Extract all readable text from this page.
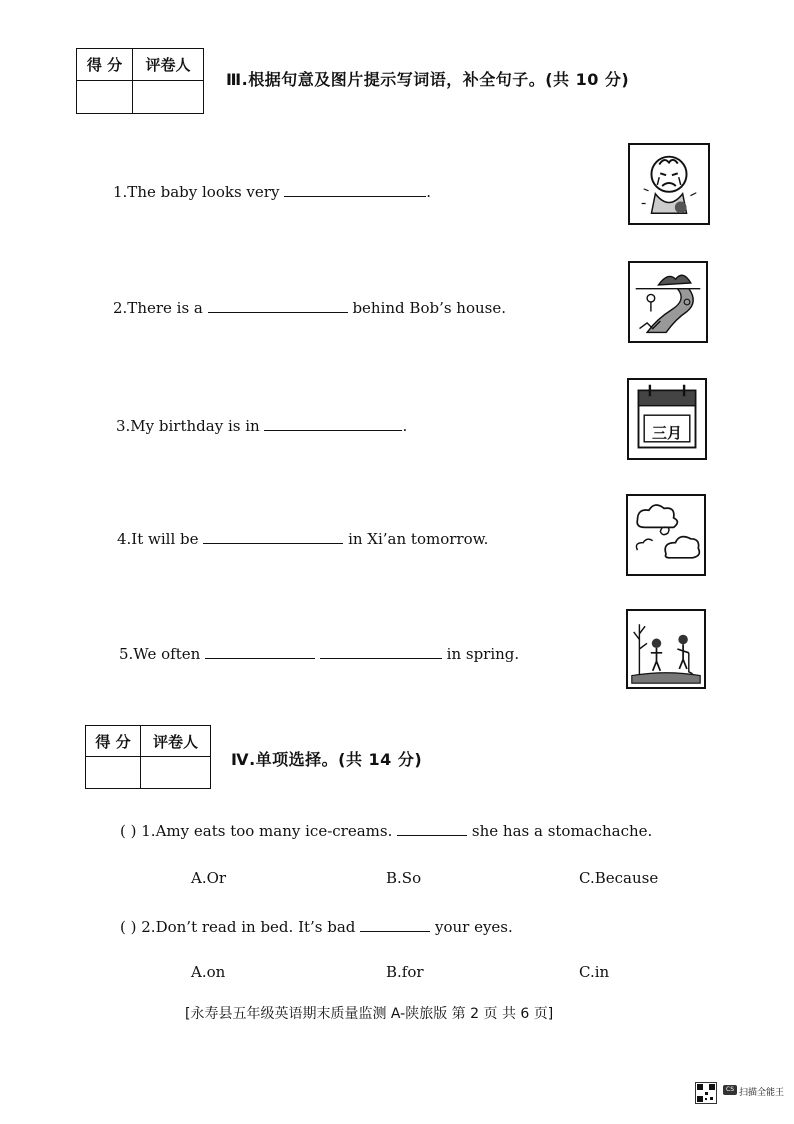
得 分	评卷人

Ⅲ.根据句意及图片提示写词语，补全句子。(共 10 分)
1.The baby looks very	.
2.There is a	behind Bob’s house.
3.My birthday is in	.	三月
4.It will be	in Xi’an tomorrow.
5.We often	in spring.
得 分	评卷人

Ⅳ.单项选择。(共 14 分)
( ) 1.Amy eats too many ice-creams.	she has a stomachache.
A.Or	B.So	C.Because
( ) 2.Don’t read in bed. It’s bad	your eyes.
A.on	B.for	C.in
[永寿县五年级英语期末质量监测 A-陕旅版 第 2 页 共 6 页]
CS 扫描全能王
